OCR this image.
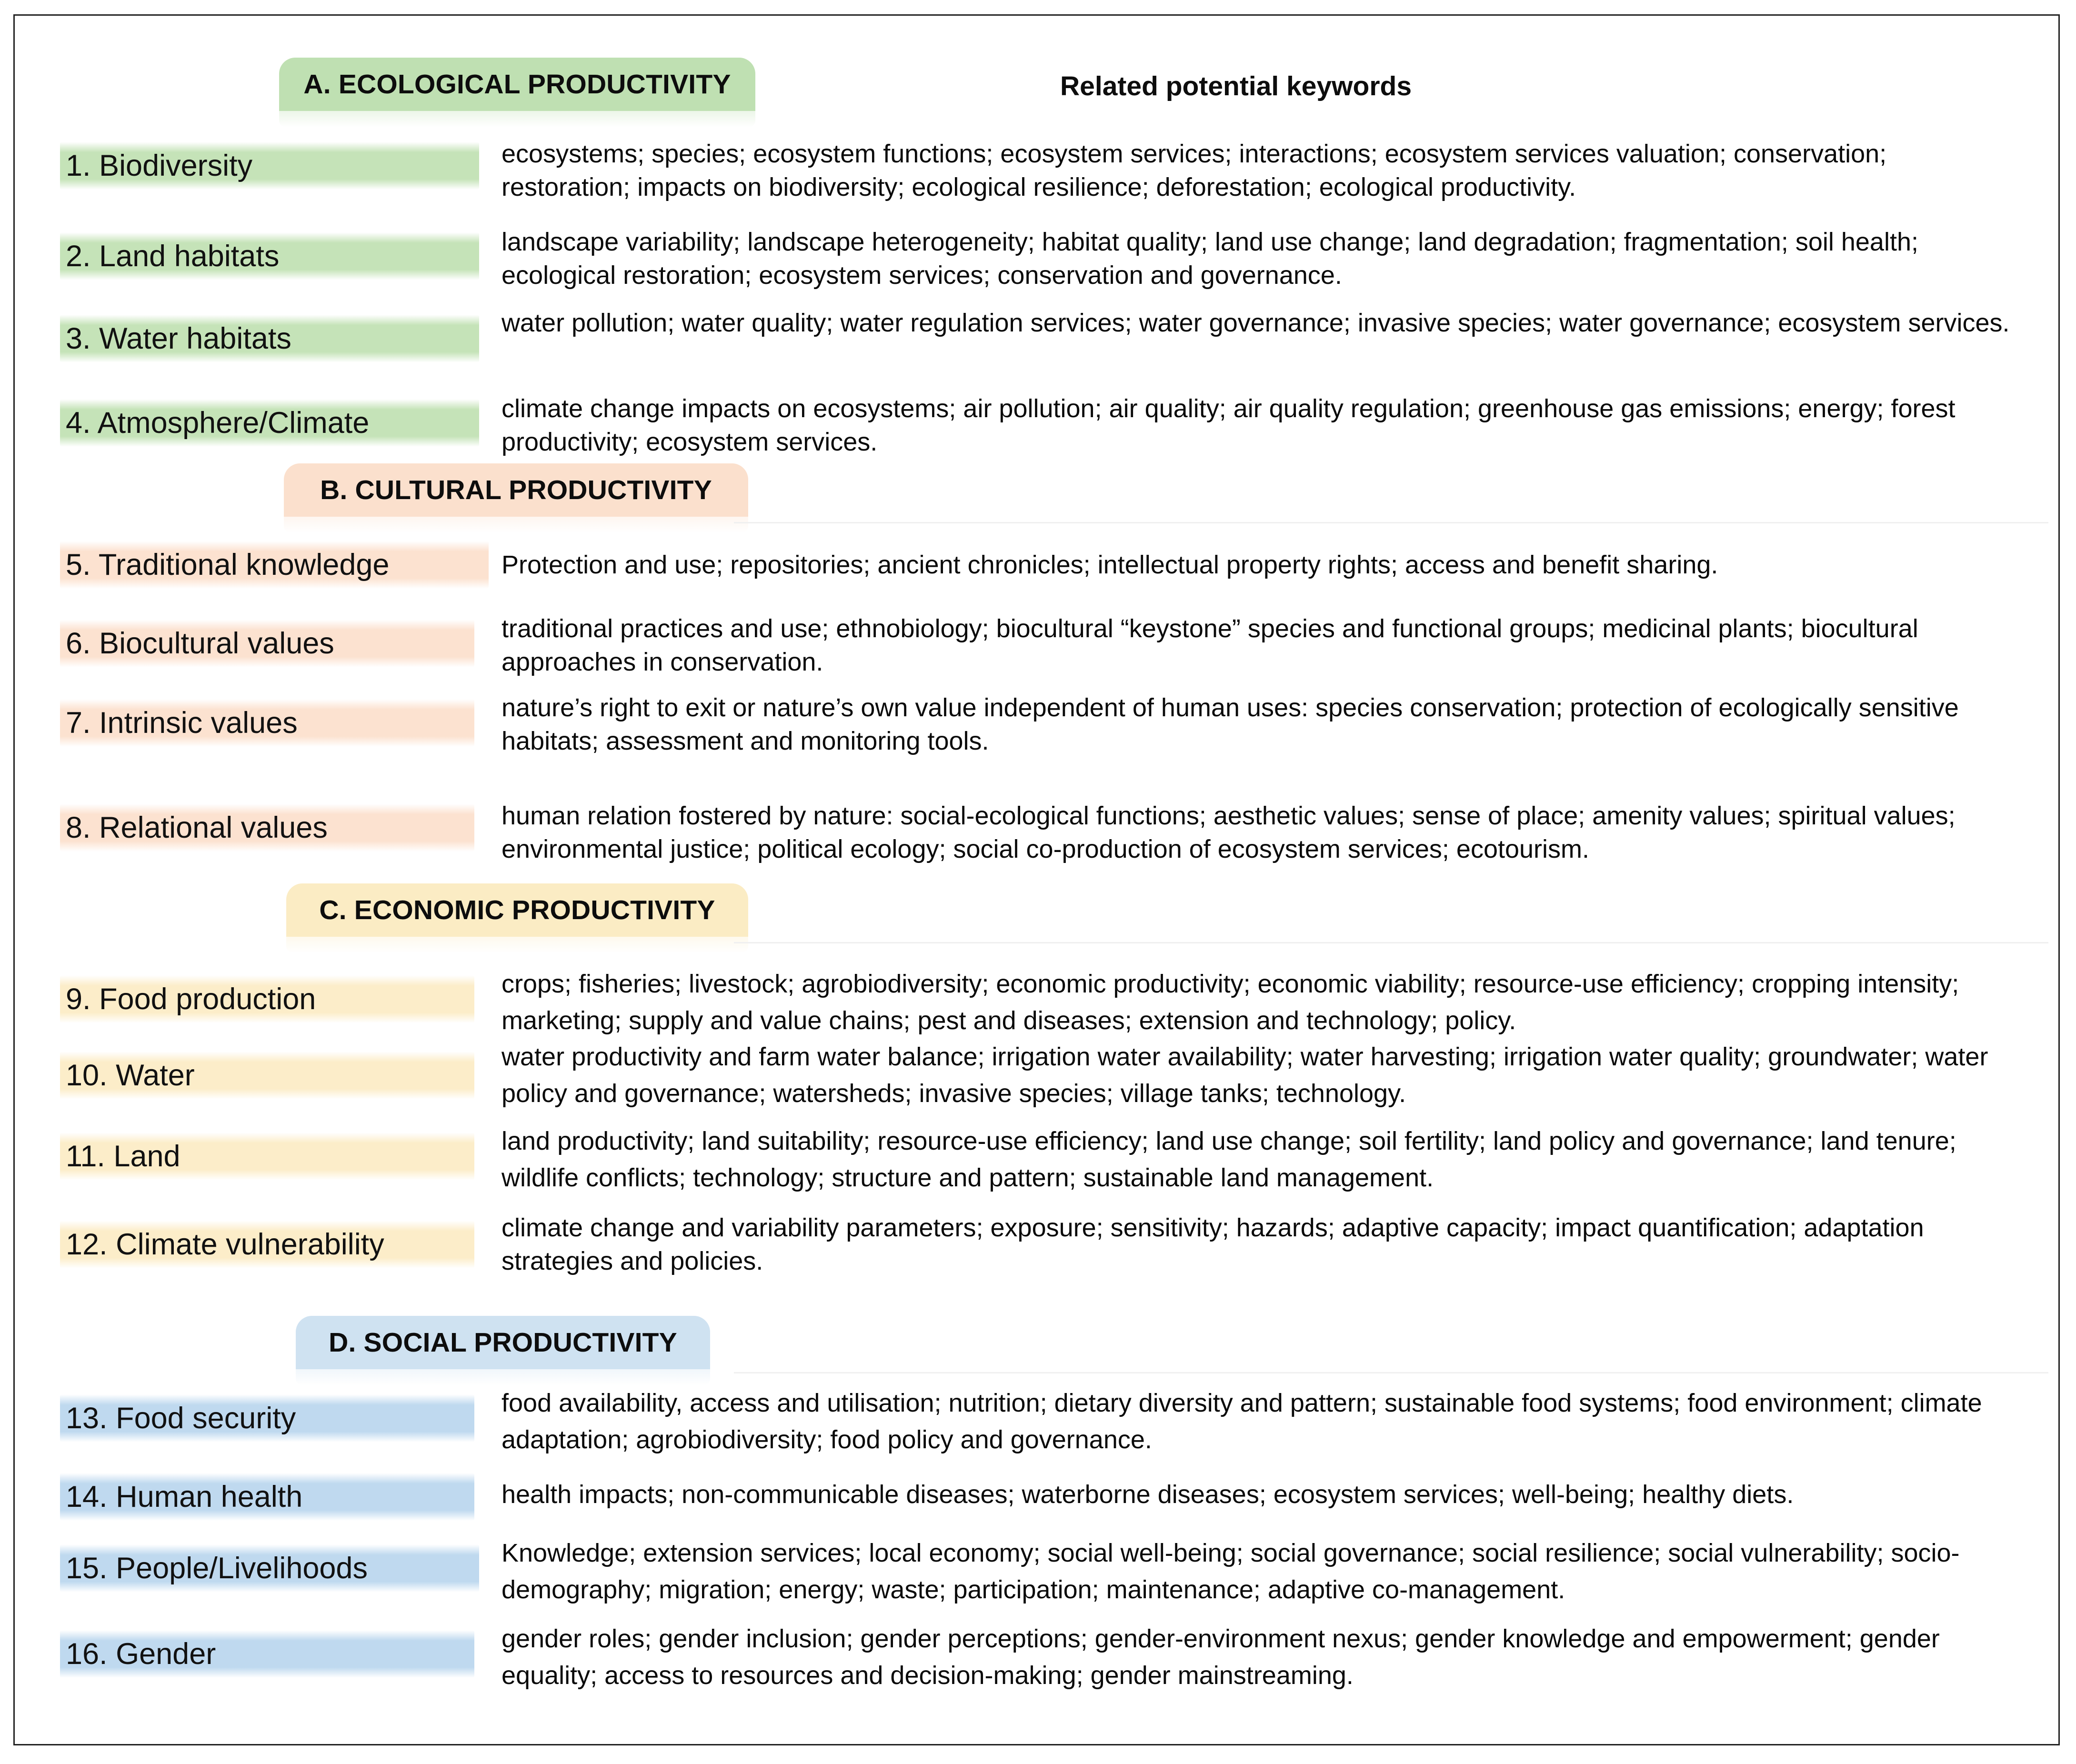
A. ECOLOGICAL PRODUCTIVITY
B. CULTURAL PRODUCTIVITY
C. ECONOMIC PRODUCTIVITY
D. SOCIAL PRODUCTIVITY
Related potential keywords
1. Biodiversity	ecosystems; species; ecosystem functions; ecosystem services; interactions; ecosystem services valuation; conservation; restoration; impacts on biodiversity; ecological resilience; deforestation; ecological productivity.
2. Land habitats	landscape variability; landscape heterogeneity; habitat quality; land use change; land degradation; fragmentation; soil health; ecological restoration; ecosystem services; conservation and governance.
3. Water habitats	water pollution; water quality; water regulation services; water governance; invasive species; water governance; ecosystem services.
4. Atmosphere/Climate	climate change impacts on ecosystems; air pollution; air quality; air quality regulation; greenhouse gas emissions; energy; forest productivity; ecosystem services.
5. Traditional knowledge	Protection and use; repositories; ancient chronicles; intellectual property rights; access and benefit sharing.
6. Biocultural values	traditional practices and use; ethnobiology; biocultural “keystone” species and functional groups; medicinal plants; biocultural approaches in conservation.
7. Intrinsic values	nature’s right to exit or nature’s own value independent of human uses: species conservation; protection of ecologically sensitive habitats; assessment and monitoring tools.
8. Relational values	human relation fostered by nature: social-ecological functions; aesthetic values; sense of place; amenity values; spiritual values; environmental justice; political ecology; social co-production of ecosystem services; ecotourism.
9. Food production	crops; fisheries; livestock; agrobiodiversity; economic productivity; economic viability; resource-use efficiency; cropping intensity; marketing; supply and value chains; pest and diseases; extension and technology; policy.
10. Water
water productivity and farm water balance; irrigation water availability; water harvesting; irrigation water quality; groundwater; water policy and governance; watersheds; invasive species; village tanks; technology.
11. Land	land productivity; land suitability; resource-use efficiency; land use change; soil fertility; land policy and governance; land tenure; wildlife conflicts; technology; structure and pattern; sustainable land management.
12. Climate vulnerability	climate change and variability parameters; exposure; sensitivity; hazards; adaptive capacity; impact quantification; adaptation strategies and policies.
13. Food security	food availability, access and utilisation; nutrition; dietary diversity and pattern; sustainable food systems; food environment; climate adaptation; agrobiodiversity; food policy and governance.
14. Human health	health impacts; non-communicable diseases; waterborne diseases; ecosystem services; well-being; healthy diets.
15. People/Livelihoods	Knowledge; extension services; local economy; social well-being; social governance; social resilience; social vulnerability; socio-demography; migration; energy; waste; participation; maintenance; adaptive co-management.
16. Gender	gender roles; gender inclusion; gender perceptions; gender-environment nexus; gender knowledge and empowerment; gender equality; access to resources and decision-making; gender mainstreaming.
